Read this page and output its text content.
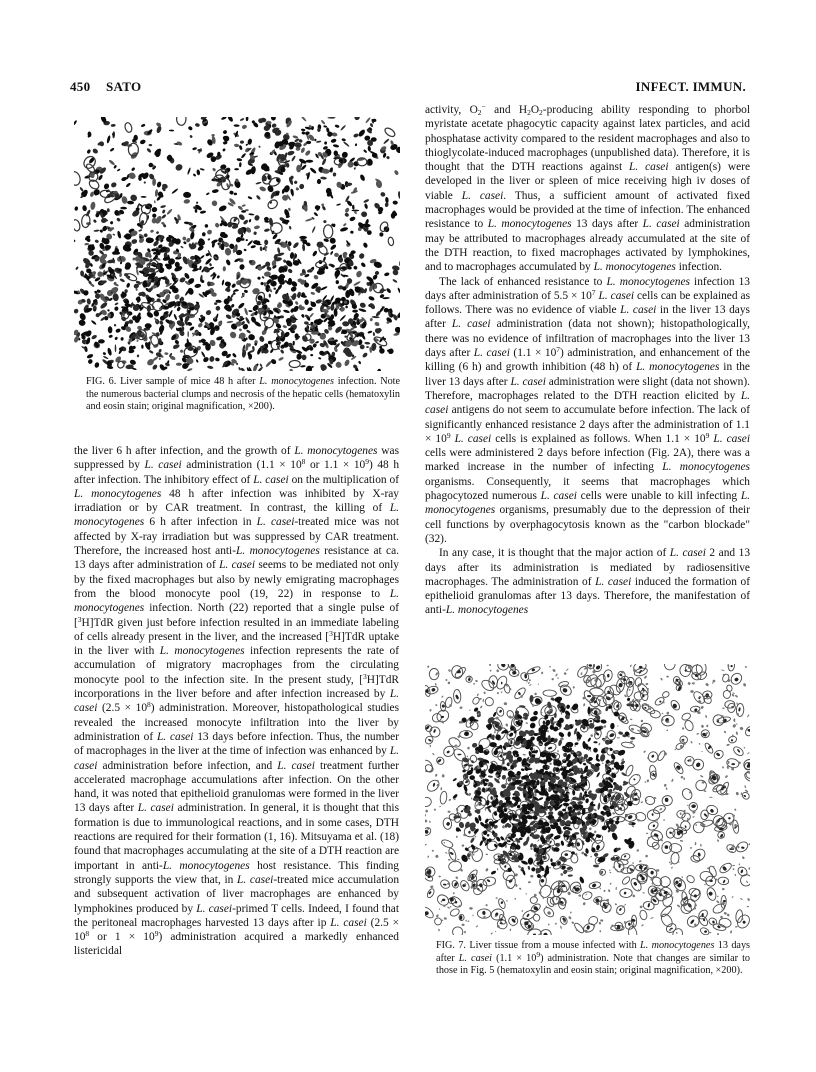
450 SATO	INFECT. IMMUN.
FIG. 6. Liver sample of mice 48 h after L. monocytogenes infection. Note the numerous bacterial clumps and necrosis of the hepatic cells (hematoxylin and eosin stain; original magnification, ×200).

the liver 6 h after infection, and the growth of L. monocytogenes was suppressed by L. casei administration ($1.1 \times 10^8$ or $1.1 \times 10^9$) 48 h after infection. The inhibitory effect of L. casei on the multiplication of L. monocytogenes 48 h after infection was inhibited by X-ray irradiation or by CAR treatment. In contrast, the killing of L. monocytogenes 6 h after infection in L. casei-treated mice was not affected by X-ray irradiation but was suppressed by CAR treatment. Therefore, the increased host anti-L. monocytogenes resistance at ca. 13 days after administration of L. casei seems to be mediated not only by the fixed macrophages but also by newly emigrating macrophages from the blood monocyte pool (19, 22) in response to L. monocytogenes infection. North (22) reported that a single pulse of [$^3$H]TdR given just before infection resulted in an immediate labeling of cells already present in the liver, and the increased [$^3$H]TdR uptake in the liver with L. monocytogenes infection represents the rate of accumulation of migratory macrophages from the circulating monocyte pool to the infection site. In the present study, [$^3$H]TdR incorporations in the liver before and after infection increased by L. casei $(2.5 \times 10^8)$ administration. Moreover, histopathological studies revealed the increased monocyte infiltration into the liver by administration of L. casei 13 days before infection. Thus, the number of macrophages in the liver at the time of infection was enhanced by L. casei administration before infection, and L. casei treatment further accelerated macrophage accumulations after infection. On the other hand, it was noted that epithelioid granulomas were formed in the liver 13 days after L. casei administration. In general, it is thought that this formation is due to immunological reactions, and in some cases, DTH reactions are required for their formation (1, 16). Mitsuyama et al. (18) found that macrophages accumulating at the site of a DTH reaction are important in anti-L. monocytogenes host resistance. This finding strongly supports the view that, in L. casei-treated mice accumulation and subsequent activation of liver macrophages are enhanced by lymphokines produced by L. casei-primed T cells. Indeed, I found that the peritoneal macrophages harvested 13 days after ip L. casei ($2.5 \times 10^8$ or $1 \times 10^9$) administration acquired a markedly enhanced listericidal

activity, $O_2^-$ and $H_2O_2$-producing ability responding to phorbol myristate acetate phagocytic capacity against latex particles, and acid phosphatase activity compared to the resident macrophages and also to thioglycolate-induced macrophages (unpublished data). Therefore, it is thought that the DTH reactions against L. casei antigen(s) were developed in the liver or spleen of mice receiving high iv doses of viable L. casei. Thus, a sufficient amount of activated fixed macrophages would be provided at the time of infection. The enhanced resistance to L. monocytogenes 13 days after L. casei administration may be attributed to macrophages already accumulated at the site of the DTH reaction, to fixed macrophages activated by lymphokines, and to macrophages accumulated by L. monocytogenes infection.

The lack of enhanced resistance to L. monocytogenes infection 13 days after administration of $5.5 \times 10^7$ L. casei cells can be explained as follows. There was no evidence of viable L. casei in the liver 13 days after L. casei administration (data not shown); histopathologically, there was no evidence of infiltration of macrophages into the liver 13 days after L. casei $(1.1 \times 10^7)$ administration, and enhancement of the killing (6 h) and growth inhibition (48 h) of L. monocytogenes in the liver 13 days after L. casei administration were slight (data not shown). Therefore, macrophages related to the DTH reaction elicited by L. casei antigens do not seem to accumulate before infection. The lack of significantly enhanced resistance 2 days after the administration of $1.1 \times 10^9$ L. casei cells is explained as follows. When $1.1 \times 10^9$ L. casei cells were administered 2 days before infection (Fig. 2A), there was a marked increase in the number of infecting L. monocytogenes organisms. Consequently, it seems that macrophages which phagocytozed numerous L. casei cells were unable to kill infecting L. monocytogenes organisms, presumably due to the depression of their cell functions by overphagocytosis known as the "carbon blockade" (32).

In any case, it is thought that the major action of L. casei 2 and 13 days after its administration is mediated by radiosensitive macrophages. The administration of L. casei induced the formation of epithelioid granulomas after 13 days. Therefore, the manifestation of anti-L. monocytogenes

FIG. 7. Liver tissue from a mouse infected with L. monocytogenes 13 days after L. casei $(1.1 \times 10^9)$ administration. Note that changes are similar to those in Fig. 5 (hematoxylin and eosin stain; original magnification, ×200).
